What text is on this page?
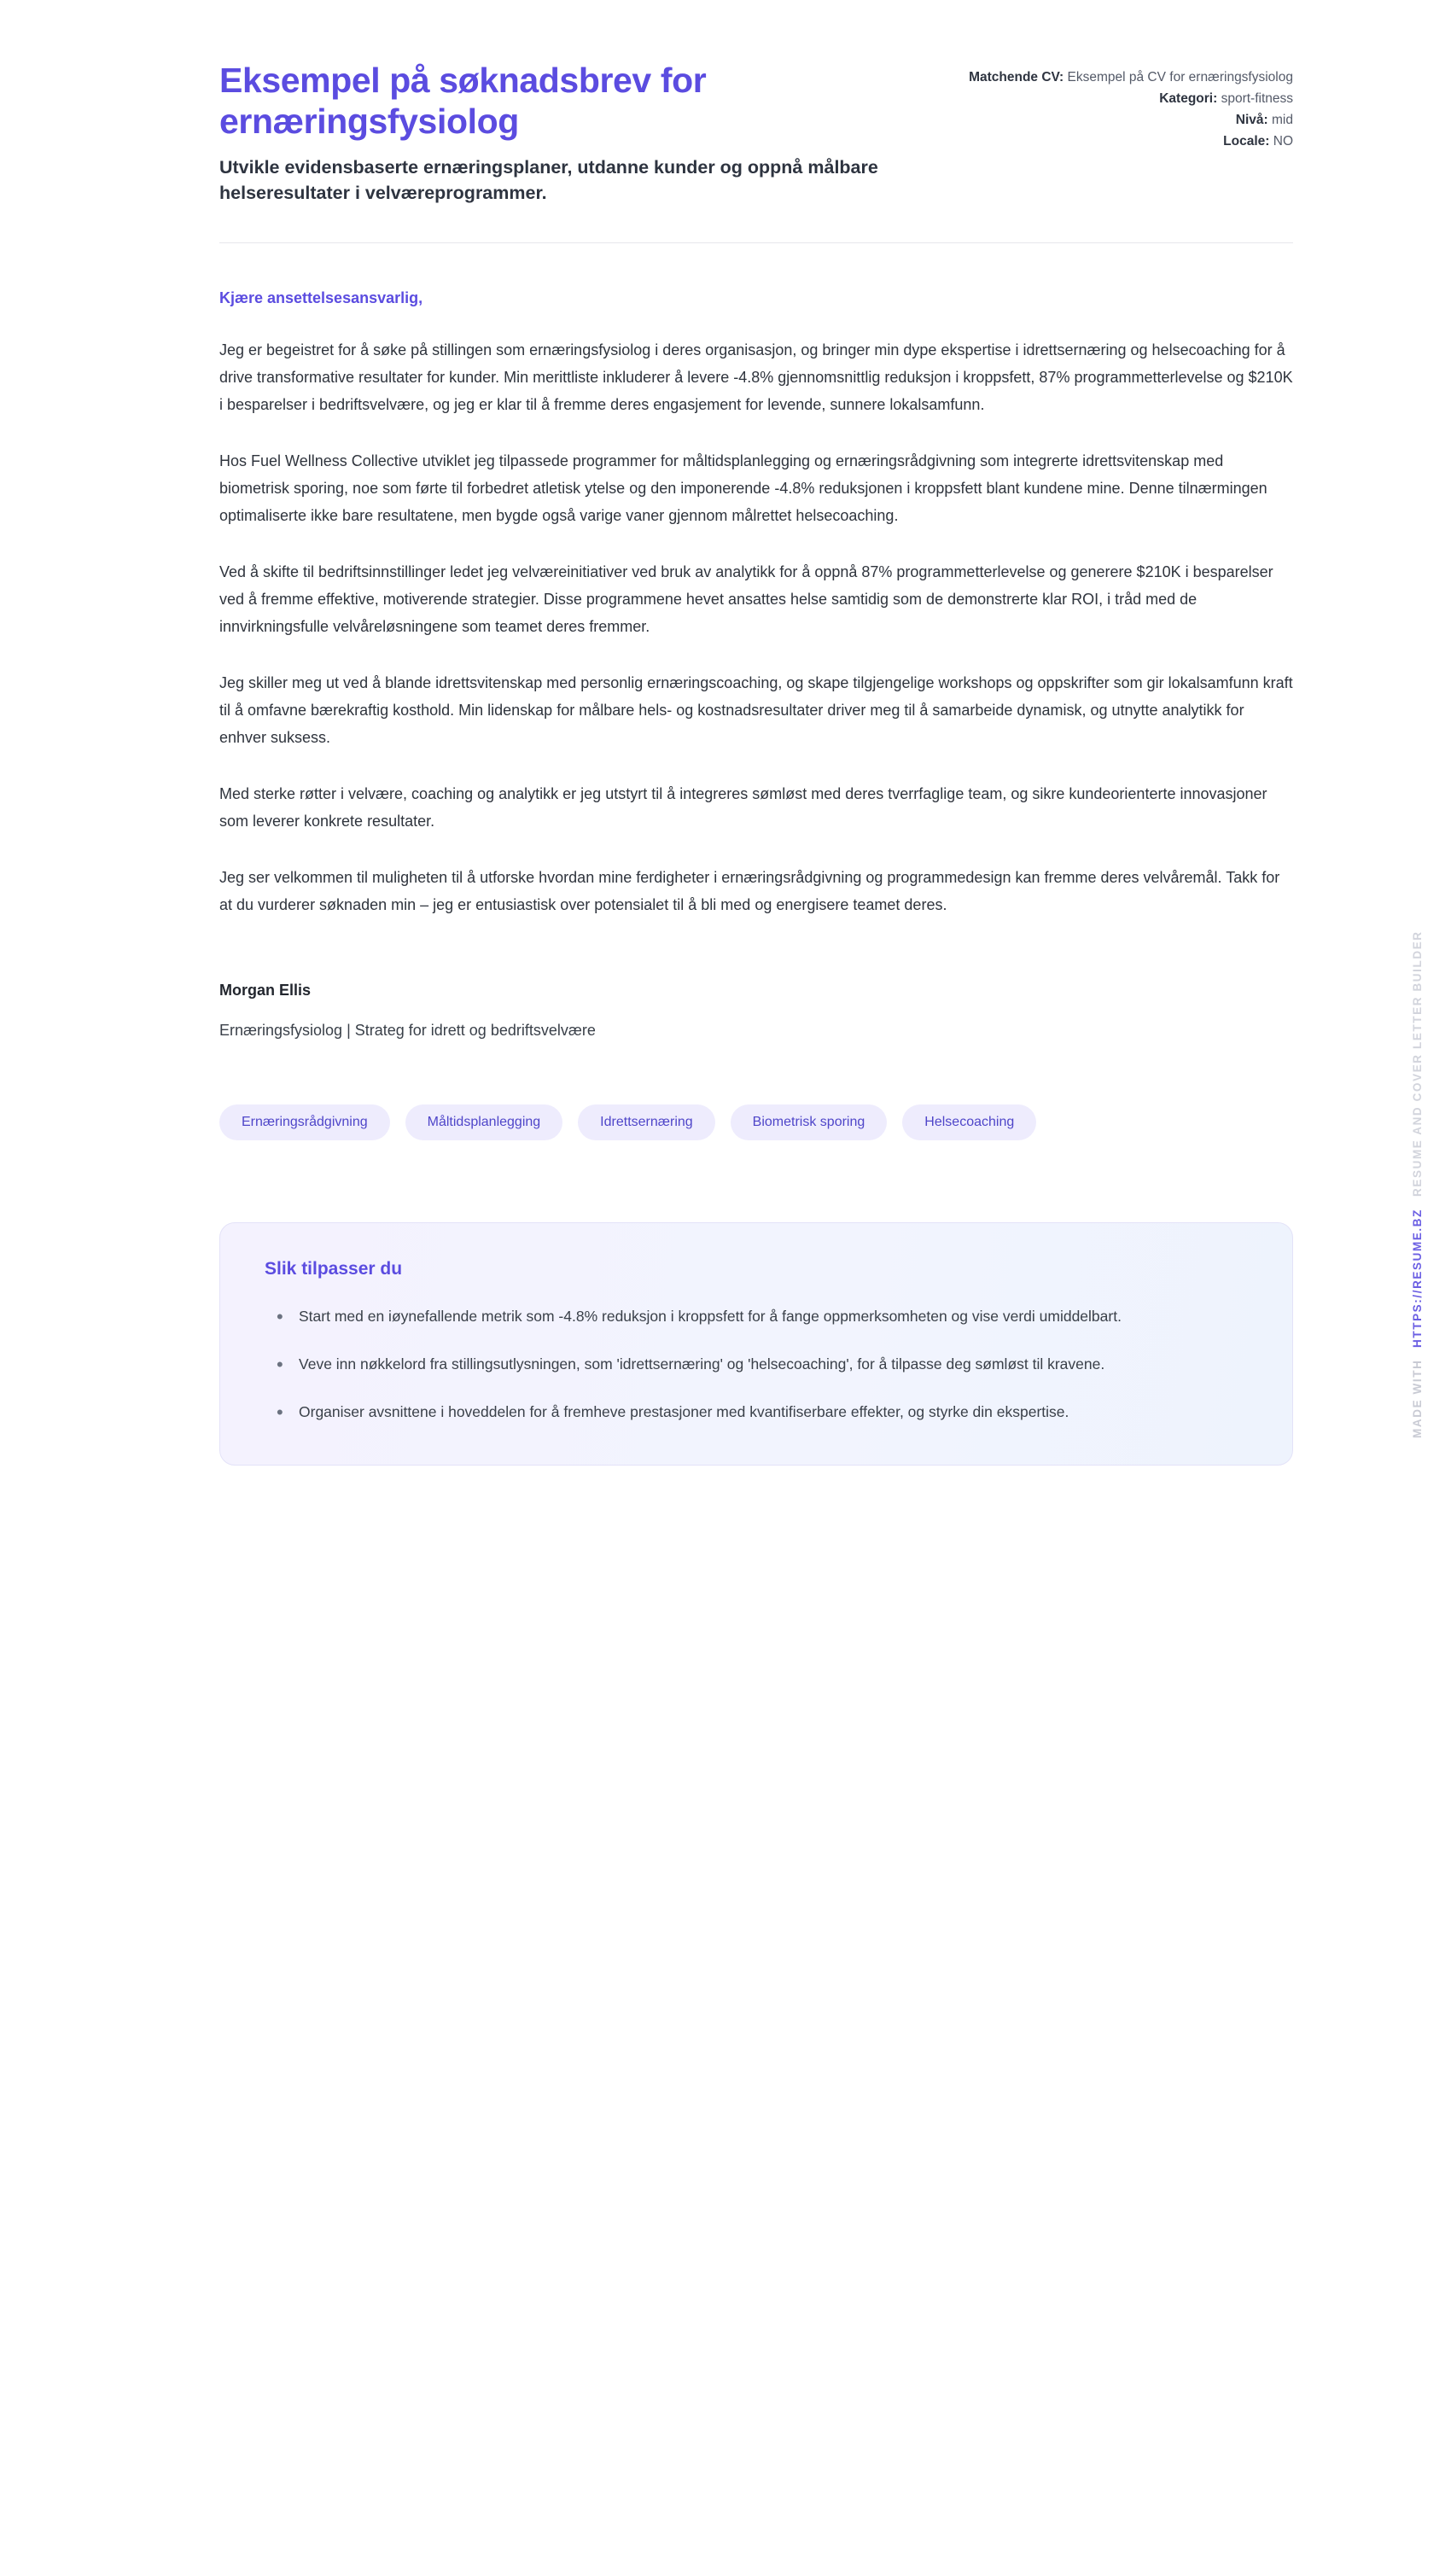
Eksempel på søknadsbrev for ernæringsfysiolog

Utvikle evidensbaserte ernæringsplaner, utdanne kunder og oppnå målbare helseresultater i velværeprogrammer.

Matchende CV: Eksempel på CV for ernæringsfysiolog
Kategori: sport-fitness
Nivå: mid
Locale: NO

Kjære ansettelsesansvarlig,

Jeg er begeistret for å søke på stillingen som ernæringsfysiolog i deres organisasjon, og bringer min dype ekspertise i idrettsernæring og helsecoaching for å drive transformative resultater for kunder. Min merittliste inkluderer å levere -4.8% gjennomsnittlig reduksjon i kroppsfett, 87% programmetterlevelse og $210K i besparelser i bedriftsvelvære, og jeg er klar til å fremme deres engasjement for levende, sunnere lokalsamfunn.

Hos Fuel Wellness Collective utviklet jeg tilpassede programmer for måltidsplanlegging og ernæringsrådgivning som integrerte idrettsvitenskap med biometrisk sporing, noe som førte til forbedret atletisk ytelse og den imponerende -4.8% reduksjonen i kroppsfett blant kundene mine. Denne tilnærmingen optimaliserte ikke bare resultatene, men bygde også varige vaner gjennom målrettet helsecoaching.

Ved å skifte til bedriftsinnstillinger ledet jeg velværeinitiativer ved bruk av analytikk for å oppnå 87% programmetterlevelse og generere $210K i besparelser ved å fremme effektive, motiverende strategier. Disse programmene hevet ansattes helse samtidig som de demonstrerte klar ROI, i tråd med de innvirkningsfulle velvåreløsningene som teamet deres fremmer.

Jeg skiller meg ut ved å blande idrettsvitenskap med personlig ernæringscoaching, og skape tilgjengelige workshops og oppskrifter som gir lokalsamfunn kraft til å omfavne bærekraftig kosthold. Min lidenskap for målbare hels- og kostnadsresultater driver meg til å samarbeide dynamisk, og utnytte analytikk for enhver suksess.

Med sterke røtter i velvære, coaching og analytikk er jeg utstyrt til å integreres sømløst med deres tverrfaglige team, og sikre kundeorienterte innovasjoner som leverer konkrete resultater.

Jeg ser velkommen til muligheten til å utforske hvordan mine ferdigheter i ernæringsrådgivning og programmedesign kan fremme deres velvåremål. Takk for at du vurderer søknaden min – jeg er entusiastisk over potensialet til å bli med og energisere teamet deres.

Morgan Ellis

Ernæringsfysiolog | Strateg for idrett og bedriftsvelvære

Ernæringsrådgivning	Måltidsplanlegging	Idrettsernæring	Biometrisk sporing	Helsecoaching

Slik tilpasser du

• Start med en iøynefallende metrik som -4.8% reduksjon i kroppsfett for å fange oppmerksomheten og vise verdi umiddelbart.
• Veve inn nøkkelord fra stillingsutlysningen, som 'idrettsernæring' og 'helsecoaching', for å tilpasse deg sømløst til kravene.
• Organiser avsnittene i hoveddelen for å fremheve prestasjoner med kvantifiserbare effekter, og styrke din ekspertise.	MADE WITH
HTTPS://RESUME.BZ
RESUME AND COVER LETTER BUILDER
